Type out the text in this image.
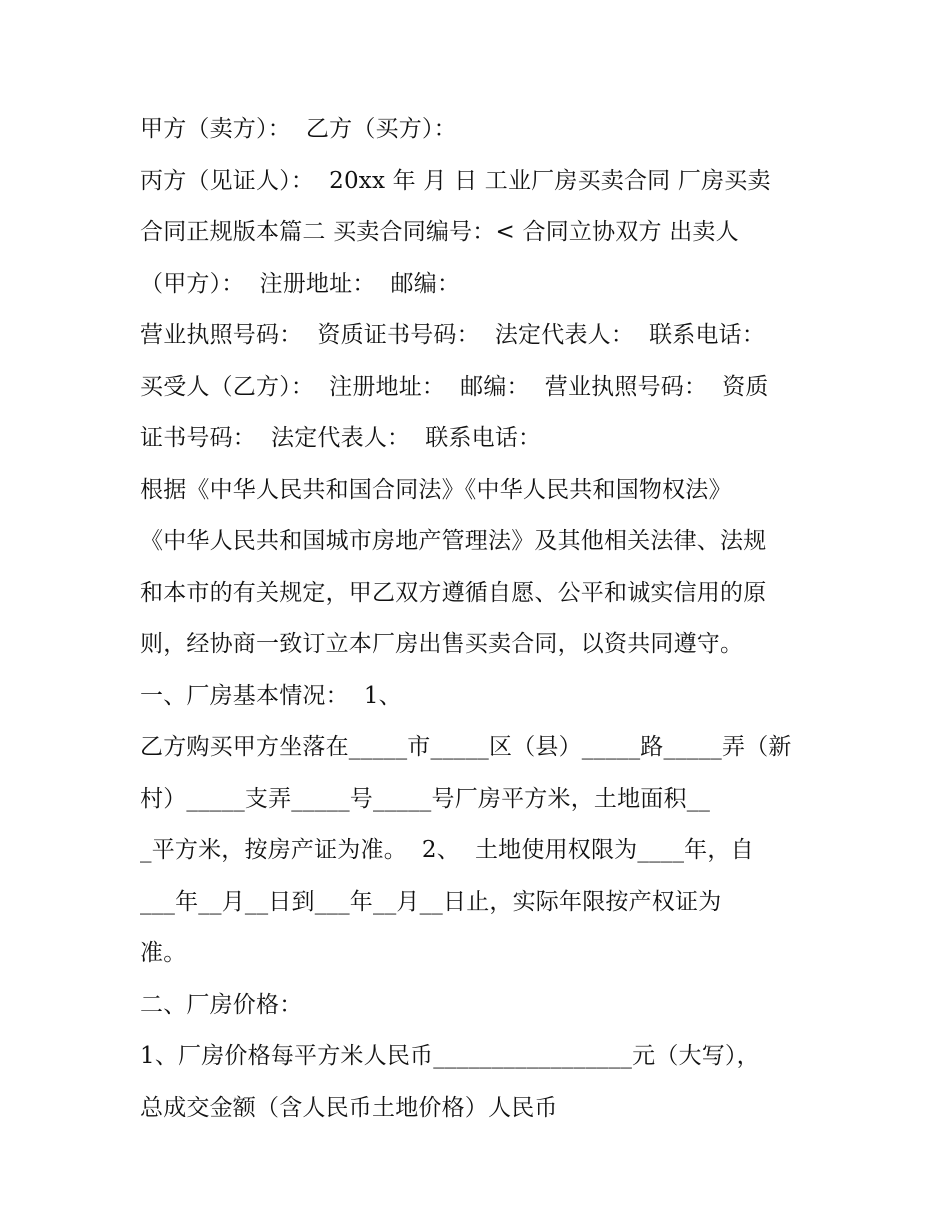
甲方（卖方）：  乙方（买方）：
丙方（见证人）：  20xx 年 月 日 工业厂房买卖合同 厂房买卖
合同正规版本篇二 买卖合同编号：< 合同立协双方 出卖人
（甲方）：  注册地址：  邮编：
营业执照号码：  资质证书号码：  法定代表人：  联系电话：
买受人（乙方）：  注册地址：  邮编：  营业执照号码：  资质
证书号码：  法定代表人：  联系电话：
根据《中华人民共和国合同法》《中华人民共和国物权法》
《中华人民共和国城市房地产管理法》及其他相关法律、法规
和本市的有关规定，甲乙双方遵循自愿、公平和诚实信用的原
则，经协商一致订立本厂房出售买卖合同，以资共同遵守。
一、厂房基本情况：  1、
乙方购买甲方坐落在_____市_____区（县）_____路_____弄（新
村）_____支弄_____号_____号厂房平方米，土地面积__
_平方米，按房产证为准。  2、  土地使用权限为____年，自
___年__月__日到___年__月__日止，实际年限按产权证为
准。
二、厂房价格：
1、厂房价格每平方米人民币_________________元（大写），
总成交金额（含人民币土地价格）人民币
